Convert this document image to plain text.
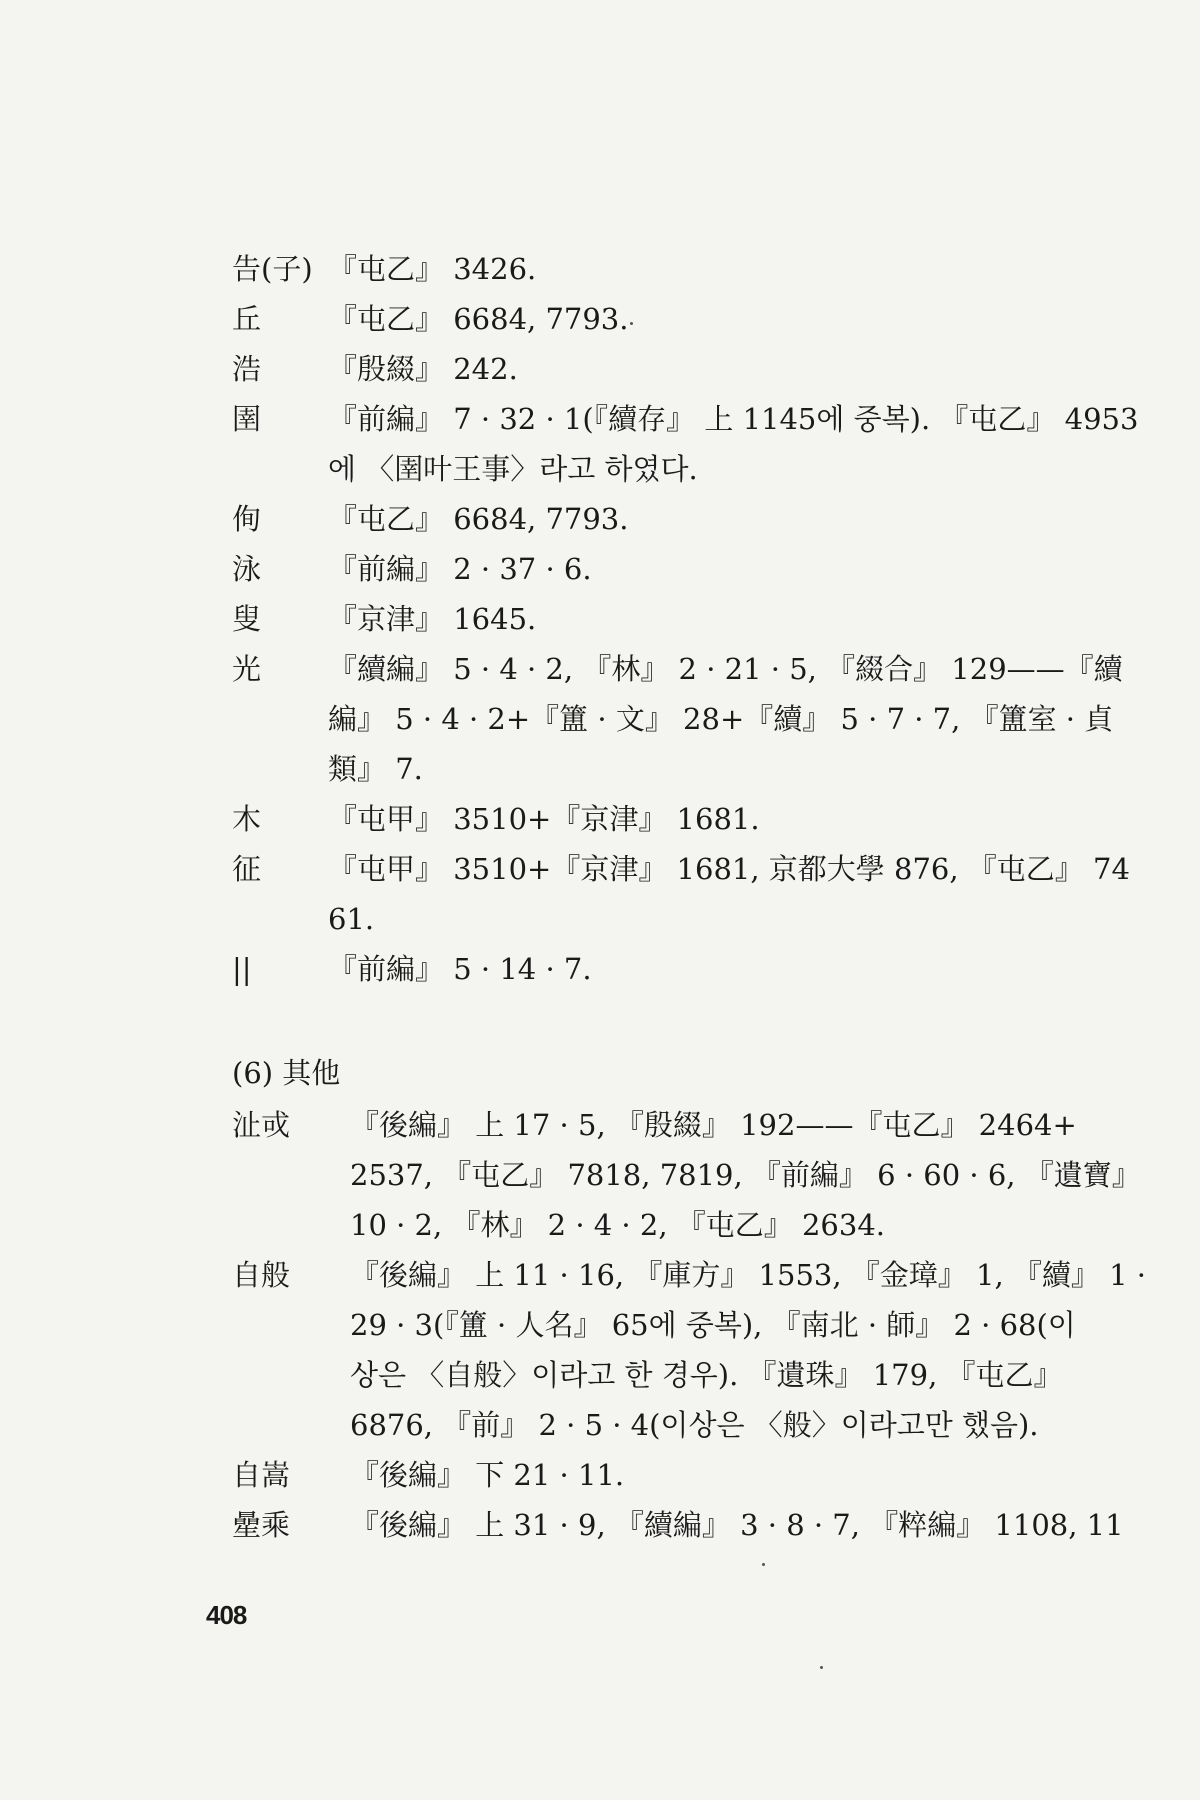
告(子) 『屯乙』 3426.
丘 『屯乙』 6684, 7793.
浩 『殷綴』 242.
圉 『前編』 7 · 32 · 1(『續存』 上 1145에 중복). 『屯乙』 4953
에 〈圉叶王事〉라고 하였다.
侚 『屯乙』 6684, 7793.
泳 『前編』 2 · 37 · 6.
叟 『京津』 1645.
光 『續編』 5 · 4 · 2, 『林』 2 · 21 · 5, 『綴合』 129——『續
編』 5 · 4 · 2+『簠 · 文』 28+『續』 5 · 7 · 7, 『簠室 · 貞
類』 7.
木 『屯甲』 3510+『京津』 1681.
征 『屯甲』 3510+『京津』 1681, 京都大學 876, 『屯乙』 74
61.
||	『前編』 5 · 14 · 7.
(6) 其他
沚戓 『後編』 上 17 · 5, 『殷綴』 192——『屯乙』 2464+
2537, 『屯乙』 7818, 7819, 『前編』 6 · 60 · 6, 『遺寶』
10 · 2, 『林』 2 · 4 · 2, 『屯乙』 2634.
自般 『後編』 上 11 · 16, 『庫方』 1553, 『金璋』 1, 『續』 1 ·
29 · 3(『簠 · 人名』 65에 중복), 『南北 · 師』 2 · 68(이
상은 〈自般〉이라고 한 경우). 『遺珠』 179, 『屯乙』
6876, 『前』 2 · 5 · 4(이상은 〈般〉이라고만 했음).
自嵩 『後編』 下 21 · 11.
曐乘 『後編』 上 31 · 9, 『續編』 3 · 8 · 7, 『粹編』 1108, 11
408
